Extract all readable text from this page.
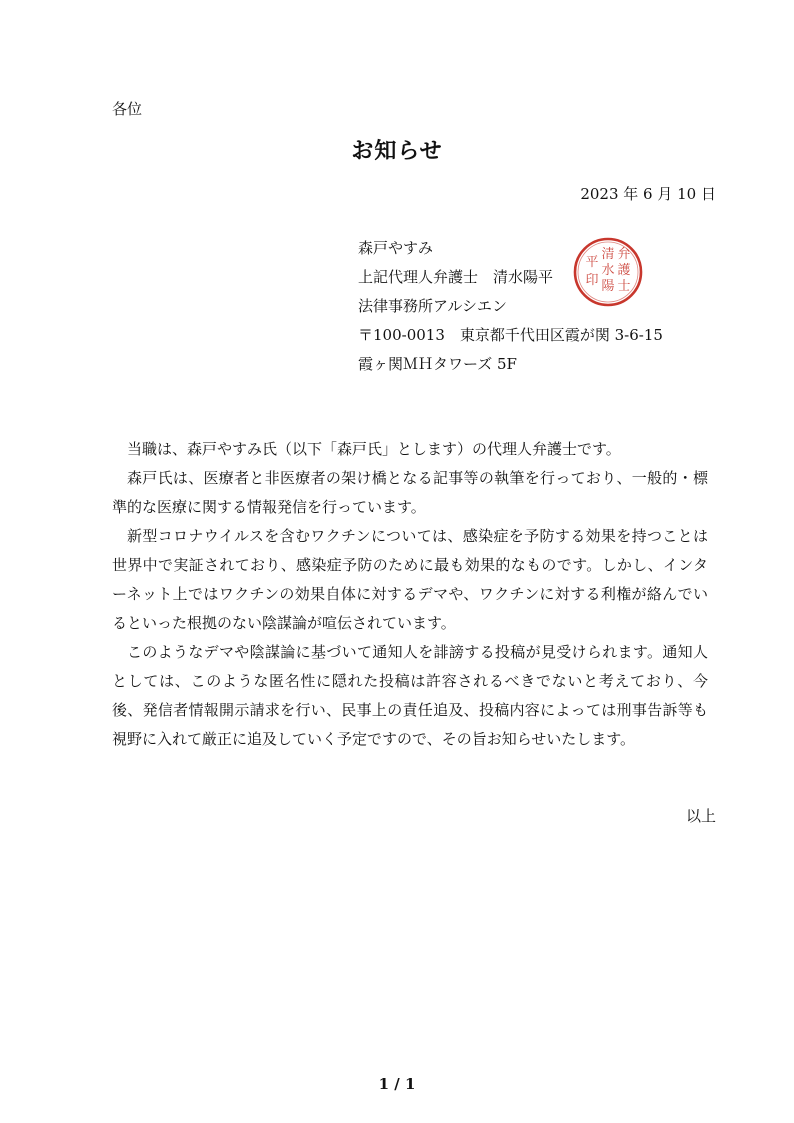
各位
お知らせ
2023 年 6 月 10 日
森戸やすみ
上記代理人弁護士　清水陽平
法律事務所アルシエン
〒100-0013　東京都千代田区霞が関 3-6-15
霞ヶ関ＭＨタワーズ 5F
弁
護
士
清
水
陽
平
印

当職は、森戸やすみ氏（以下「森戸氏」とします）の代理人弁護士です。

森戸氏は、医療者と非医療者の架け橋となる記事等の執筆を行っており、一般的・標準的な医療に関する情報発信を行っています。

新型コロナウイルスを含むワクチンについては、感染症を予防する効果を持つことは世界中で実証されており、感染症予防のために最も効果的なものです。しかし、インターネット上ではワクチンの効果自体に対するデマや、ワクチンに対する利権が絡んでいるといった根拠のない陰謀論が喧伝されています。

このようなデマや陰謀論に基づいて通知人を誹謗する投稿が見受けられます。通知人としては、このような匿名性に隠れた投稿は許容されるべきでないと考えており、今後、発信者情報開示請求を行い、民事上の責任追及、投稿内容によっては刑事告訴等も視野に入れて厳正に追及していく予定ですので、その旨お知らせいたします。

以上
1 / 1
